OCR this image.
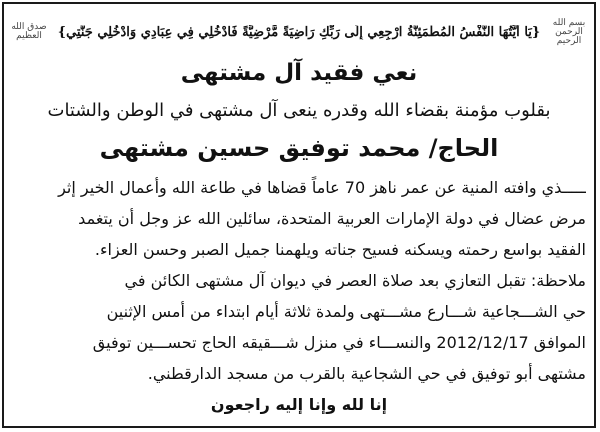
صدق الله
العظيم	{يَا أَيَّتُهَا النَّفْسُ الْمُطْمَئِنَّةُ ارْجِعِي إِلَى رَبِّكِ رَاضِيَةً مَّرْضِيَّةً فَادْخُلِي فِي عِبَادِي وَادْخُلِي جَنَّتِي}
بسم الله
الرحمن الرحيم
نعي فقيد آل مشتهى
بقلوب مؤمنة بقضاء الله وقدره ينعى آل مشتهى في الوطن والشتات
الحاج/ محمد توفيق حسين مشتهى
ـــــذي وافته المنية عن عمر ناهز 70 عاماً قضاها في طاعة الله وأعمال الخير إثر
مرض عضال في دولة الإمارات العربية المتحدة، سائلين الله عز وجل أن يتغمد
الفقيد بواسع رحمته ويسكنه فسيح جناته ويلهمنا جميل الصبر وحسن العزاء.
ملاحظة: تقبل التعازي بعد صلاة العصر في ديوان آل مشتهى الكائن في
حي الشـــجاعية شـــارع مشـــتهى ولمدة ثلاثة أيام ابتداء من أمس الإثنين
الموافق 2012/12/17 والنســـاء في منزل شـــقيقه الحاج تحســـين توفيق
مشتهى أبو توفيق في حي الشجاعية بالقرب من مسجد الدارقطني.
إنا لله وإنا إليه راجعون
